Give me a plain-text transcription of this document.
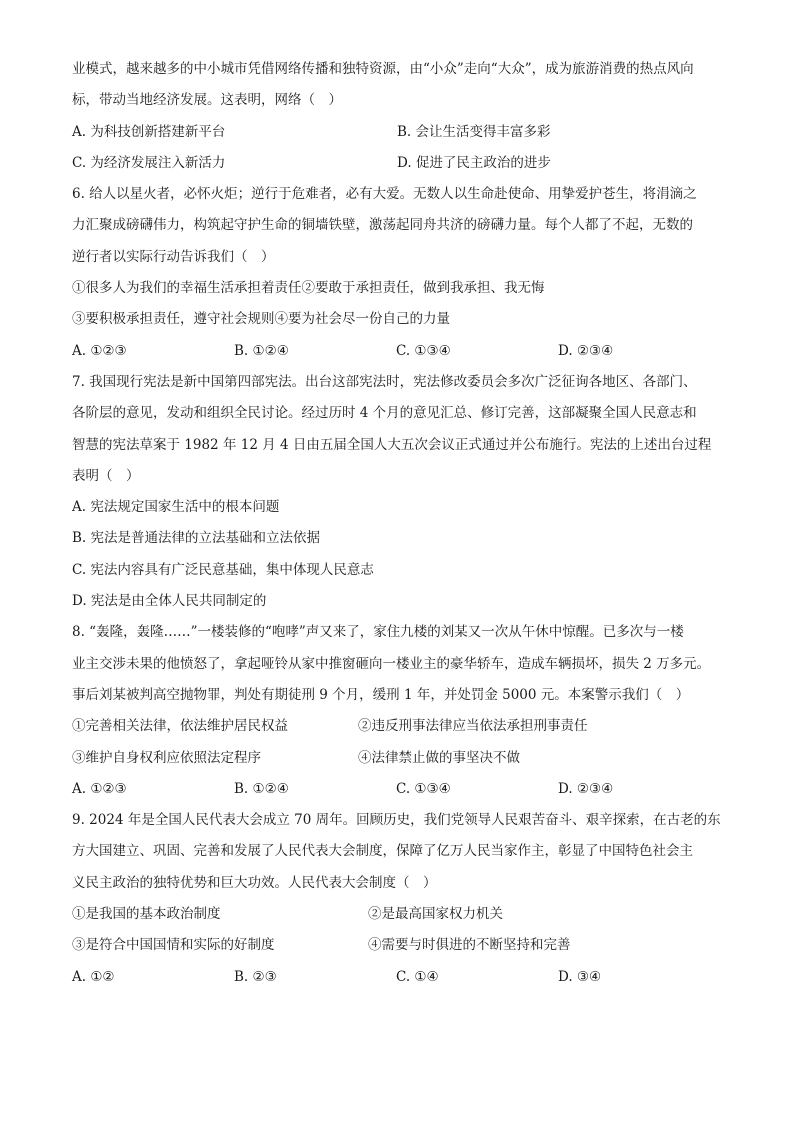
业模式，越来越多的中小城市凭借网络传播和独特资源，由“小众”走向“大众”，成为旅游消费的热点风向
标，带动当地经济发展。这表明，网络（　）
A. 为科技创新搭建新平台	B. 会让生活变得丰富多彩
C. 为经济发展注入新活力	D. 促进了民主政治的进步
6. 给人以星火者，必怀火炬；逆行于危难者，必有大爱。无数人以生命赴使命、用挚爱护苍生，将涓滴之
力汇聚成磅礴伟力，构筑起守护生命的铜墙铁壁，激荡起同舟共济的磅礴力量。每个人都了不起，无数的
逆行者以实际行动告诉我们（　）
①很多人为我们的幸福生活承担着责任②要敢于承担责任，做到我承担、我无悔
③要积极承担责任，遵守社会规则④要为社会尽一份自己的力量
A. ①②③	B. ①②④	C. ①③④	D. ②③④
7. 我国现行宪法是新中国第四部宪法。出台这部宪法时，宪法修改委员会多次广泛征询各地区、各部门、
各阶层的意见，发动和组织全民讨论。经过历时 4 个月的意见汇总、修订完善，这部凝聚全国人民意志和
智慧的宪法草案于 1982 年 12 月 4 日由五届全国人大五次会议正式通过并公布施行。宪法的上述出台过程
表明（　）
A. 宪法规定国家生活中的根本问题
B. 宪法是普通法律的立法基础和立法依据
C. 宪法内容具有广泛民意基础，集中体现人民意志
D. 宪法是由全体人民共同制定的
8. “轰隆，轰隆……”一楼装修的“咆哮”声又来了，家住九楼的刘某又一次从午休中惊醒。已多次与一楼
业主交涉未果的他愤怒了，拿起哑铃从家中推窗砸向一楼业主的豪华轿车，造成车辆损坏，损失 2 万多元。
事后刘某被判高空抛物罪，判处有期徒刑 9 个月，缓刑 1 年，并处罚金 5000 元。本案警示我们（　）
①完善相关法律，依法维护居民权益	②违反刑事法律应当依法承担刑事责任
③维护自身权利应依照法定程序	④法律禁止做的事坚决不做
A. ①②③	B. ①②④	C. ①③④	D. ②③④
9. 2024 年是全国人民代表大会成立 70 周年。回顾历史，我们党领导人民艰苦奋斗、艰辛探索，在古老的东
方大国建立、巩固、完善和发展了人民代表大会制度，保障了亿万人民当家作主，彰显了中国特色社会主
义民主政治的独特优势和巨大功效。人民代表大会制度（　）
①是我国的基本政治制度	②是最高国家权力机关
③是符合中国国情和实际的好制度	④需要与时俱进的不断坚持和完善
A. ①②	B. ②③	C. ①④	D. ③④
